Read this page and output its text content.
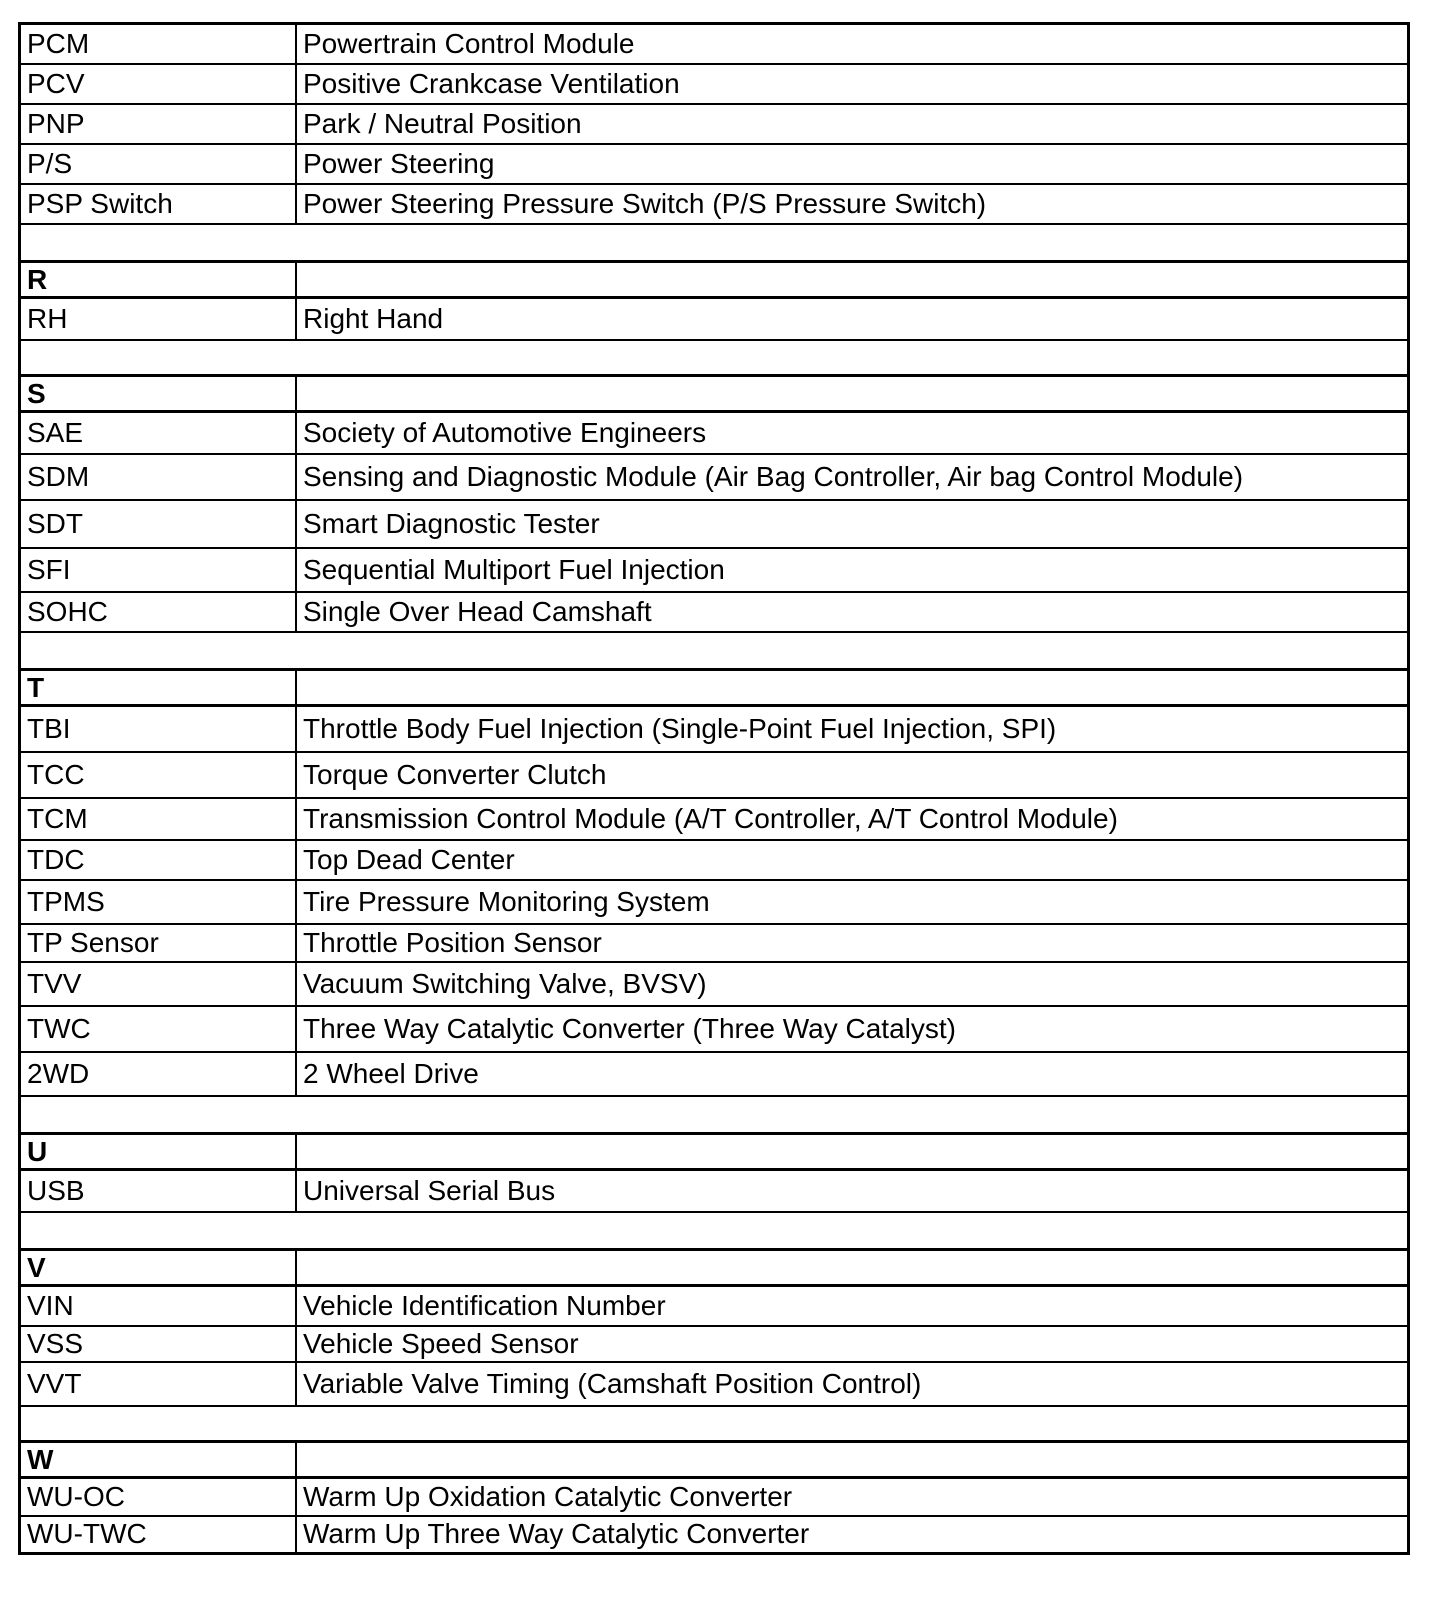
PCM	Powertrain Control Module
PCV	Positive Crankcase Ventilation
PNP	Park / Neutral Position
P/S	Power Steering
PSP Switch	Power Steering Pressure Switch (P/S Pressure Switch)

R	
RH	Right Hand

S	
SAE	Society of Automotive Engineers
SDM	Sensing and Diagnostic Module (Air Bag Controller, Air bag Control Module)
SDT	Smart Diagnostic Tester
SFI	Sequential Multiport Fuel Injection
SOHC	Single Over Head Camshaft

T	
TBI	Throttle Body Fuel Injection (Single-Point Fuel Injection, SPI)
TCC	Torque Converter Clutch
TCM	Transmission Control Module (A/T Controller, A/T Control Module)
TDC	Top Dead Center
TPMS	Tire Pressure Monitoring System
TP Sensor	Throttle Position Sensor
TVV	Vacuum Switching Valve, BVSV)
TWC	Three Way Catalytic Converter (Three Way Catalyst)
2WD	2 Wheel Drive

U	
USB	Universal Serial Bus

V	
VIN	Vehicle Identification Number
VSS	Vehicle Speed Sensor
VVT	Variable Valve Timing (Camshaft Position Control)

W	
WU-OC	Warm Up Oxidation Catalytic Converter
WU-TWC	Warm Up Three Way Catalytic Converter
